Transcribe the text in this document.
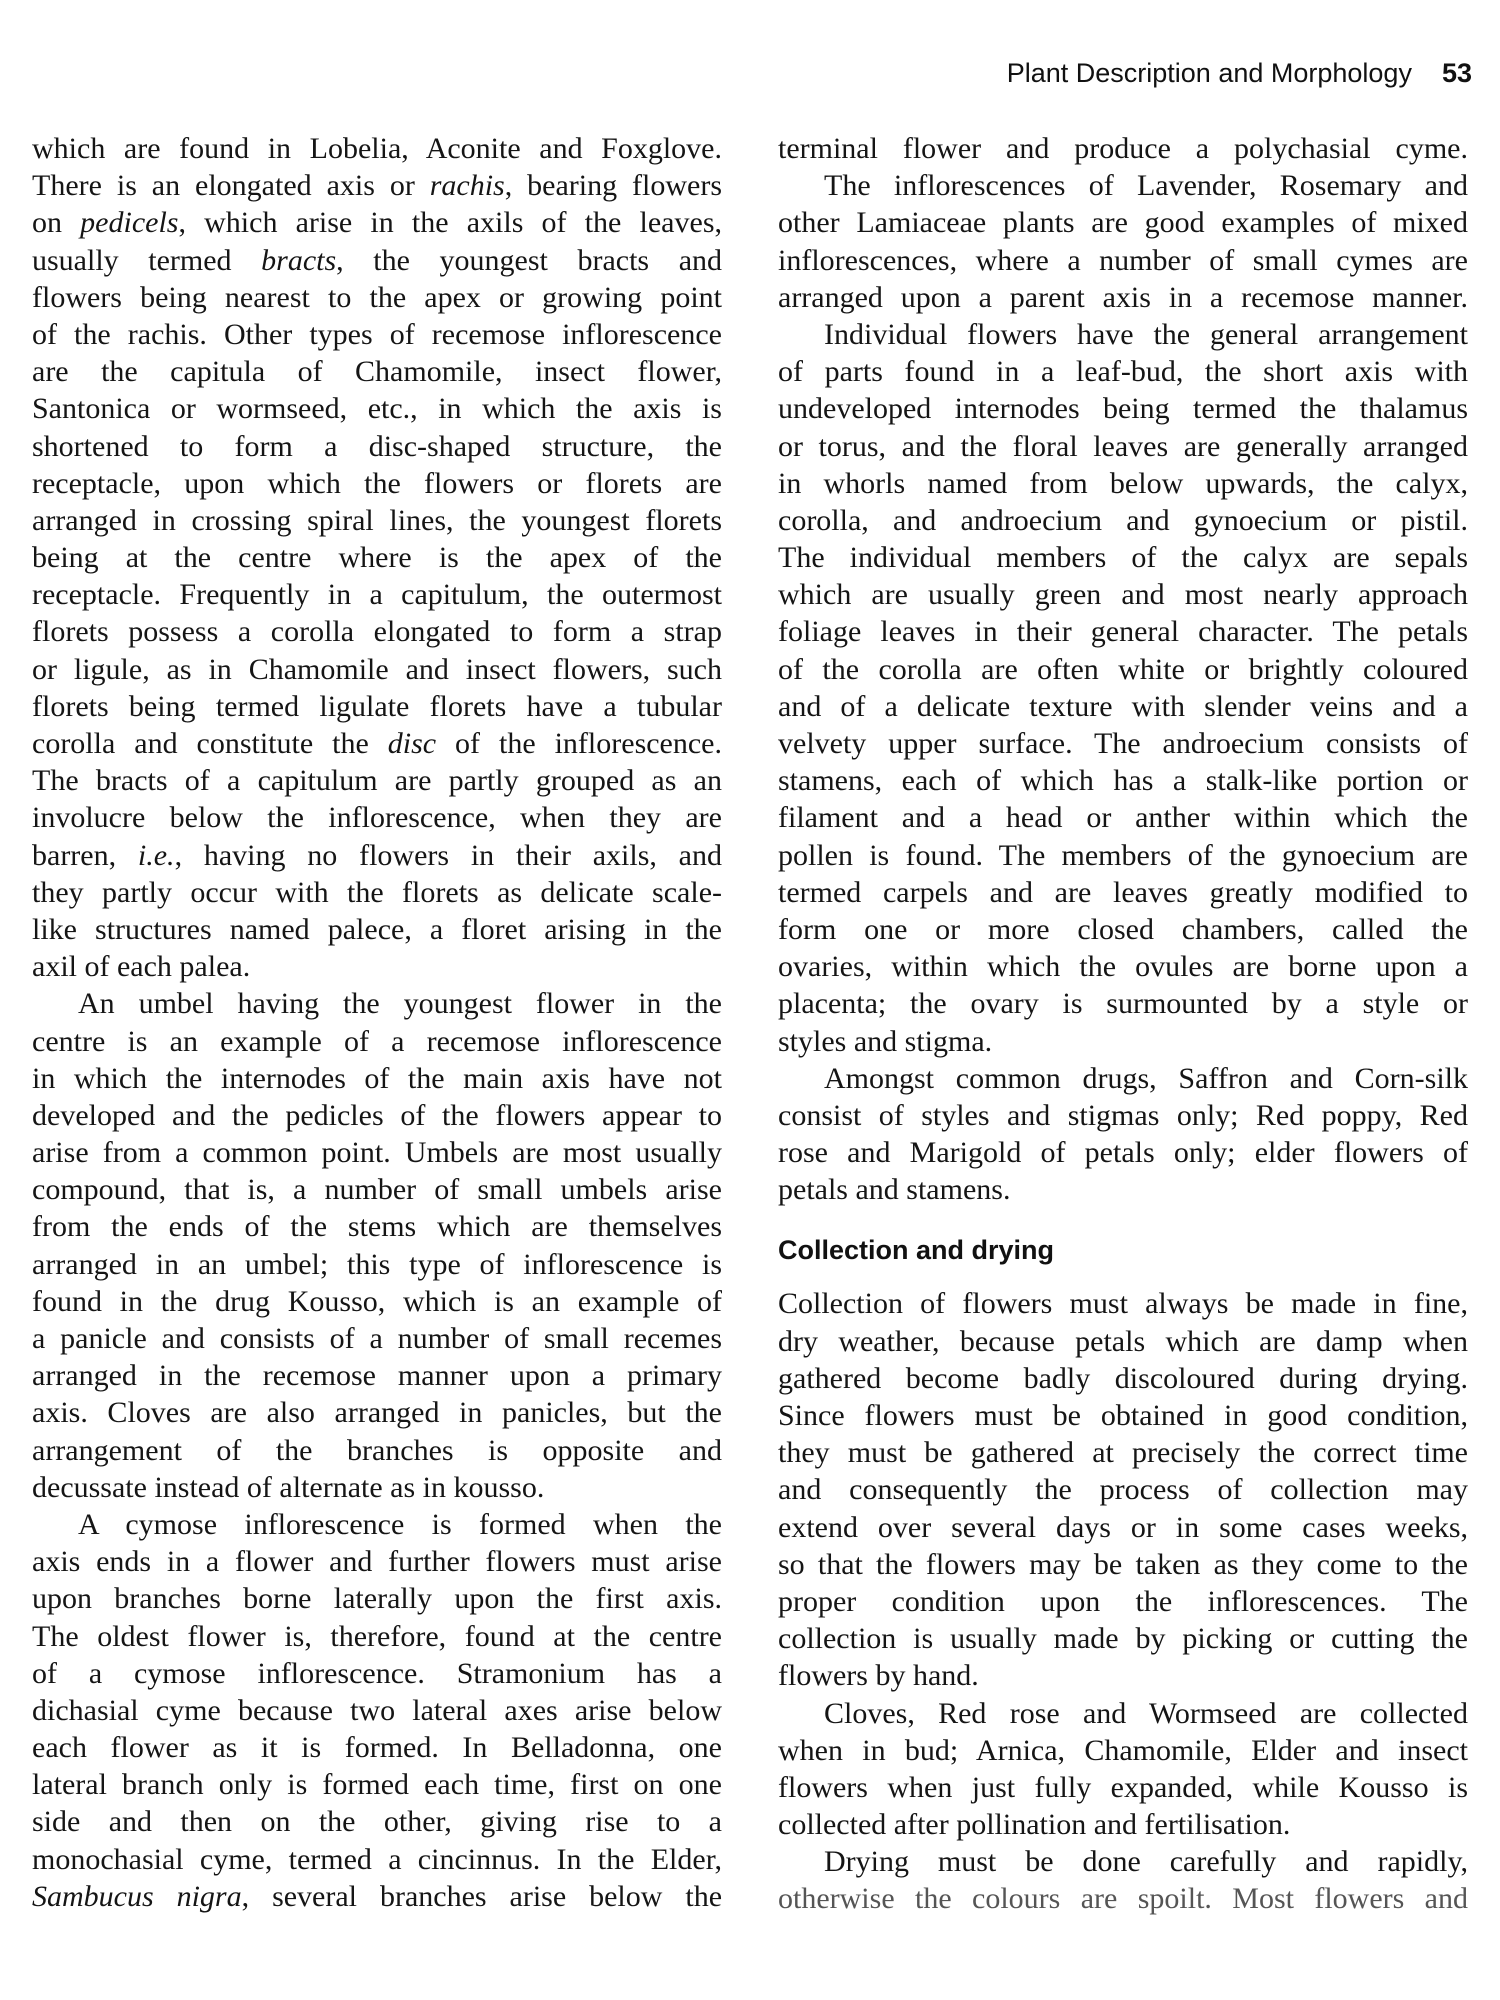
Plant Description and Morphology 53
which are found in Lobelia, Aconite and Foxglove.
There is an elongated axis or rachis, bearing flowers
on pedicels, which arise in the axils of the leaves,
usually termed bracts, the youngest bracts and
flowers being nearest to the apex or growing point
of the rachis. Other types of recemose inflorescence
are the capitula of Chamomile, insect flower,
Santonica or wormseed, etc., in which the axis is
shortened to form a disc-shaped structure, the
receptacle, upon which the flowers or florets are
arranged in crossing spiral lines, the youngest florets
being at the centre where is the apex of the
receptacle. Frequently in a capitulum, the outermost
florets possess a corolla elongated to form a strap
or ligule, as in Chamomile and insect flowers, such
florets being termed ligulate florets have a tubular
corolla and constitute the disc of the inflorescence.
The bracts of a capitulum are partly grouped as an
involucre below the inflorescence, when they are
barren, i.e., having no flowers in their axils, and
they partly occur with the florets as delicate scale-
like structures named palece, a floret arising in the
axil of each palea.
An umbel having the youngest flower in the
centre is an example of a recemose inflorescence
in which the internodes of the main axis have not
developed and the pedicles of the flowers appear to
arise from a common point. Umbels are most usually
compound, that is, a number of small umbels arise
from the ends of the stems which are themselves
arranged in an umbel; this type of inflorescence is
found in the drug Kousso, which is an example of
a panicle and consists of a number of small recemes
arranged in the recemose manner upon a primary
axis. Cloves are also arranged in panicles, but the
arrangement of the branches is opposite and
decussate instead of alternate as in kousso.
A cymose inflorescence is formed when the
axis ends in a flower and further flowers must arise
upon branches borne laterally upon the first axis.
The oldest flower is, therefore, found at the centre
of a cymose inflorescence. Stramonium has a
dichasial cyme because two lateral axes arise below
each flower as it is formed. In Belladonna, one
lateral branch only is formed each time, first on one
side and then on the other, giving rise to a
monochasial cyme, termed a cincinnus. In the Elder,
Sambucus nigra, several branches arise below the
terminal flower and produce a polychasial cyme.
The inflorescences of Lavender, Rosemary and
other Lamiaceae plants are good examples of mixed
inflorescences, where a number of small cymes are
arranged upon a parent axis in a recemose manner.
Individual flowers have the general arrangement
of parts found in a leaf-bud, the short axis with
undeveloped internodes being termed the thalamus
or torus, and the floral leaves are generally arranged
in whorls named from below upwards, the calyx,
corolla, and androecium and gynoecium or pistil.
The individual members of the calyx are sepals
which are usually green and most nearly approach
foliage leaves in their general character. The petals
of the corolla are often white or brightly coloured
and of a delicate texture with slender veins and a
velvety upper surface. The androecium consists of
stamens, each of which has a stalk-like portion or
filament and a head or anther within which the
pollen is found. The members of the gynoecium are
termed carpels and are leaves greatly modified to
form one or more closed chambers, called the
ovaries, within which the ovules are borne upon a
placenta; the ovary is surmounted by a style or
styles and stigma.
Amongst common drugs, Saffron and Corn-silk
consist of styles and stigmas only; Red poppy, Red
rose and Marigold of petals only; elder flowers of
petals and stamens.
Collection and drying
Collection of flowers must always be made in fine,
dry weather, because petals which are damp when
gathered become badly discoloured during drying.
Since flowers must be obtained in good condition,
they must be gathered at precisely the correct time
and consequently the process of collection may
extend over several days or in some cases weeks,
so that the flowers may be taken as they come to the
proper condition upon the inflorescences. The
collection is usually made by picking or cutting the
flowers by hand.
Cloves, Red rose and Wormseed are collected
when in bud; Arnica, Chamomile, Elder and insect
flowers when just fully expanded, while Kousso is
collected after pollination and fertilisation.
Drying must be done carefully and rapidly,
otherwise the colours are spoilt. Most flowers and
